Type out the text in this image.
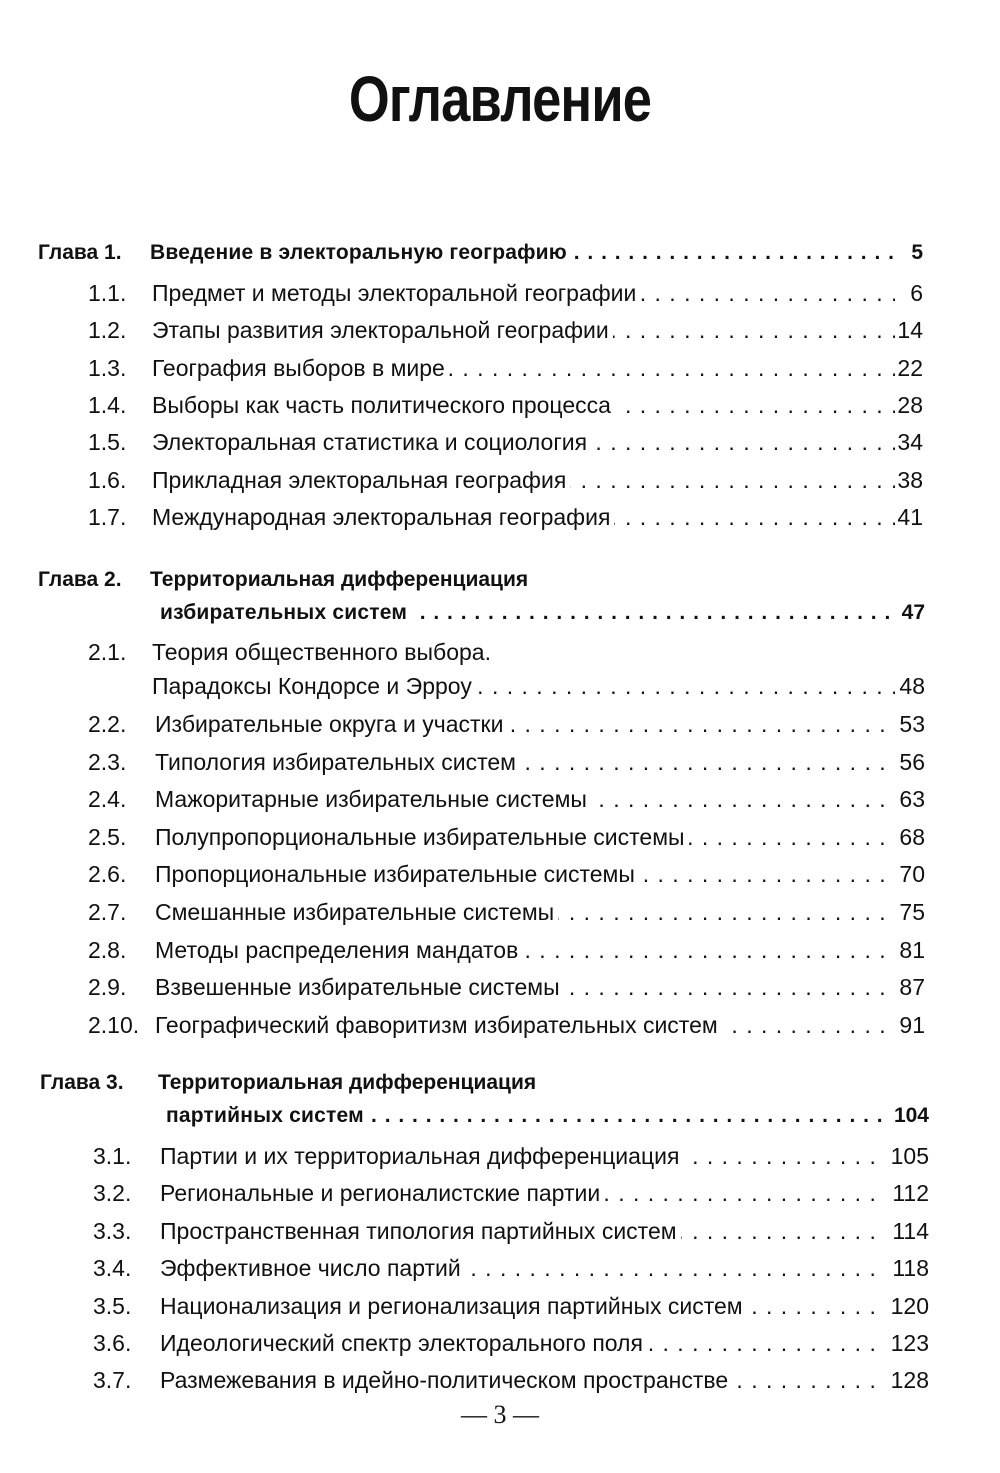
Оглавление
Глава 1. Введение в электоральную географию . . .	5
1.1. Предмет и методы электоральной географии . . .	6
1.2. Этапы развития электоральной географии . . .	14
1.3. География выборов в мире . . .	22
1.4. Выборы как часть политического процесса . . .	28
1.5. Электоральная статистика и социология . . .	34
1.6. Прикладная электоральная география . . .	38
1.7. Международная электоральная география . . .	41
Глава 2. Территориальная дифференциация
избирательных систем . . .	47
2.1. Теория общественного выбора.
Парадоксы Кондорсе и Эрроу . . .	48
2.2. Избирательные округа и участки . . .	53
2.3. Типология избирательных систем . . .	56
2.4. Мажоритарные избирательные системы . . .	63
2.5. Полупропорциональные избирательные системы . . .	68
2.6. Пропорциональные избирательные системы . . .	70
2.7. Смешанные избирательные системы . . .	75
2.8. Методы распределения мандатов . . .	81
2.9. Взвешенные избирательные системы . . .	87
2.10. Географический фаворитизм избирательных систем . . .	91
Глава 3. Территориальная дифференциация
партийных систем . . .	104
3.1. Партии и их территориальная дифференциация . . .	105
3.2. Региональные и регионалистские партии . . .	112
3.3. Пространственная типология партийных систем . . .	114
3.4. Эффективное число партий . . .	118
3.5. Национализация и регионализация партийных систем . . .	120
3.6. Идеологический спектр электорального поля . . .	123
3.7. Размежевания в идейно-политическом пространстве . . .	128
— 3 —
